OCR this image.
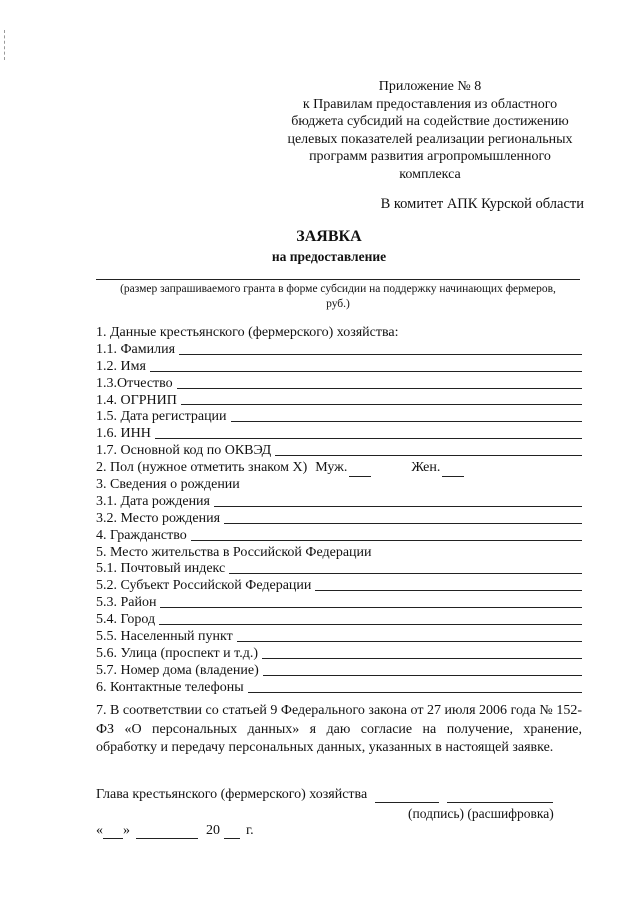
Приложение № 8

к Правилам предоставления из областного

бюджета субсидий на содействие достижению

целевых показателей реализации региональных

программ развития агропромышленного

комплекса

В комитет АПК Курской области
ЗАЯВКА
на предоставление
(размер запрашиваемого гранта в форме субсидии на поддержку начинающих фермеров, руб.)
1. Данные крестьянского (фермерского) хозяйства:
1.1. Фамилия
1.2. Имя
1.3.Отчество
1.4. ОГРНИП
1.5. Дата регистрации
1.6. ИНН
1.7. Основной код по ОКВЭД
2. Пол (нужное отметить знаком Х) Муж.	Жен.
3. Сведения о рождении
3.1. Дата рождения
3.2. Место рождения
4. Гражданство
5. Место жительства в Российской Федерации
5.1. Почтовый индекс
5.2. Субъект Российской Федерации
5.3. Район
5.4. Город
5.5. Населенный пункт
5.6. Улица (проспект и т.д.)
5.7. Номер дома (владение)
6. Контактные телефоны
7. В соответствии со статьей 9 Федерального закона от 27 июля 2006 года № 152-ФЗ «О персональных данных» я даю согласие на получение, хранение, обработку и передачу персональных данных, указанных в настоящей заявке.
Глава крестьянского (фермерского) хозяйства
(подпись) (расшифровка)
« »	20 г.
